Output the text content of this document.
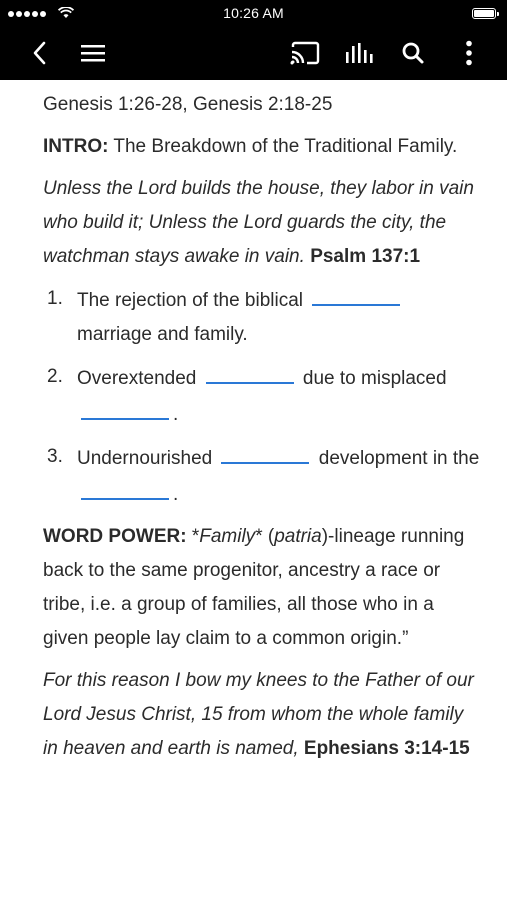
10:26 AM

Genesis 1:26-28, Genesis 2:18-25

INTRO: The Breakdown of the Traditional Family.

Unless the Lord builds the house, they labor in vain who build it; Unless the Lord guards the city, the watchman stays awake in vain. Psalm 137:1

1. The rejection of the biblical  marriage and family.
2. Overextended	due to misplaced .
3. Undernourished	development in the .

WORD POWER: *Family* (patria)-lineage running back to the same progenitor, ancestry a race or tribe, i.e. a group of families, all those who in a given people lay claim to a common origin.”

For this reason I bow my knees to the Father of our Lord Jesus Christ, 15 from whom the whole family in heaven and earth is named, Ephesians 3:14-15
